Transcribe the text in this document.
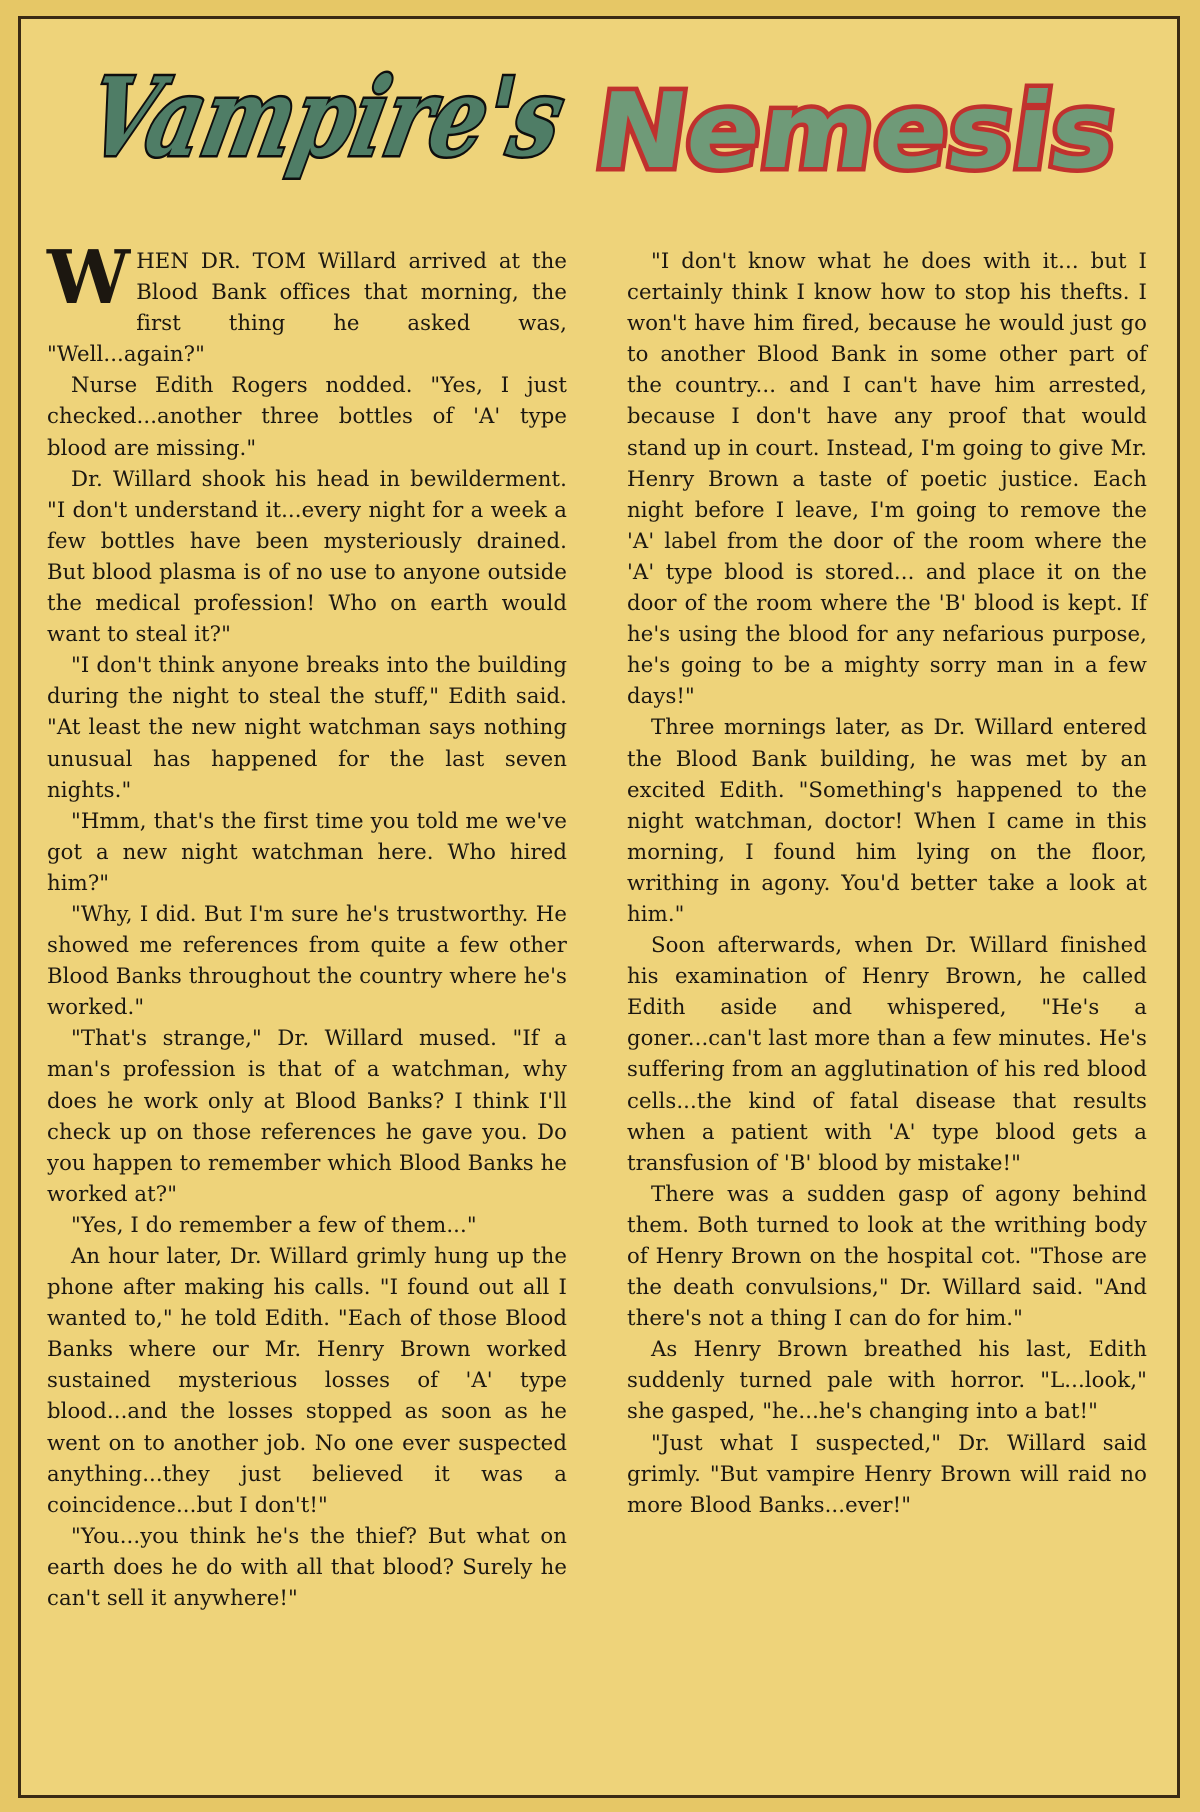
Vampire's
Nemesis

WHEN DR. TOM Willard arrived at the Blood Bank offices that morning, the first thing he asked was, "Well...again?"

Nurse Edith Rogers nodded. "Yes, I just checked...another three bottles of 'A' type blood are missing."

Dr. Willard shook his head in bewilderment. "I don't understand it...every night for a week a few bottles have been mysteriously drained. But blood plasma is of no use to anyone outside the medical profession! Who on earth would want to steal it?"

"I don't think anyone breaks into the building during the night to steal the stuff," Edith said. "At least the new night watchman says nothing unusual has happened for the last seven nights."

"Hmm, that's the first time you told me we've got a new night watchman here. Who hired him?"

"Why, I did. But I'm sure he's trustworthy. He showed me references from quite a few other Blood Banks throughout the country where he's worked."

"That's strange," Dr. Willard mused. "If a man's profession is that of a watchman, why does he work only at Blood Banks? I think I'll check up on those references he gave you. Do you happen to remember which Blood Banks he worked at?"

"Yes, I do remember a few of them..."

An hour later, Dr. Willard grimly hung up the phone after making his calls. "I found out all I wanted to," he told Edith. "Each of those Blood Banks where our Mr. Henry Brown worked sustained mysterious losses of 'A' type blood...and the losses stopped as soon as he went on to another job. No one ever suspected anything...they just believed it was a coincidence...but I don't!"

"You...you think he's the thief? But what on earth does he do with all that blood? Surely he can't sell it anywhere!"

"I don't know what he does with it... but I certainly think I know how to stop his thefts. I won't have him fired, because he would just go to another Blood Bank in some other part of the country... and I can't have him arrested, because I don't have any proof that would stand up in court. Instead, I'm going to give Mr. Henry Brown a taste of poetic justice. Each night before I leave, I'm going to remove the 'A' label from the door of the room where the 'A' type blood is stored... and place it on the door of the room where the 'B' blood is kept. If he's using the blood for any nefarious purpose, he's going to be a mighty sorry man in a few days!"

Three mornings later, as Dr. Willard entered the Blood Bank building, he was met by an excited Edith. "Something's happened to the night watchman, doctor! When I came in this morning, I found him lying on the floor, writhing in agony. You'd better take a look at him."

Soon afterwards, when Dr. Willard finished his examination of Henry Brown, he called Edith aside and whispered, "He's a goner...can't last more than a few minutes. He's suffering from an agglutination of his red blood cells...the kind of fatal disease that results when a patient with 'A' type blood gets a transfusion of 'B' blood by mistake!"

There was a sudden gasp of agony behind them. Both turned to look at the writhing body of Henry Brown on the hospital cot. "Those are the death convulsions," Dr. Willard said. "And there's not a thing I can do for him."

As Henry Brown breathed his last, Edith suddenly turned pale with horror. "L...look," she gasped, "he...he's changing into a bat!"

"Just what I suspected," Dr. Willard said grimly. "But vampire Henry Brown will raid no more Blood Banks...ever!"
